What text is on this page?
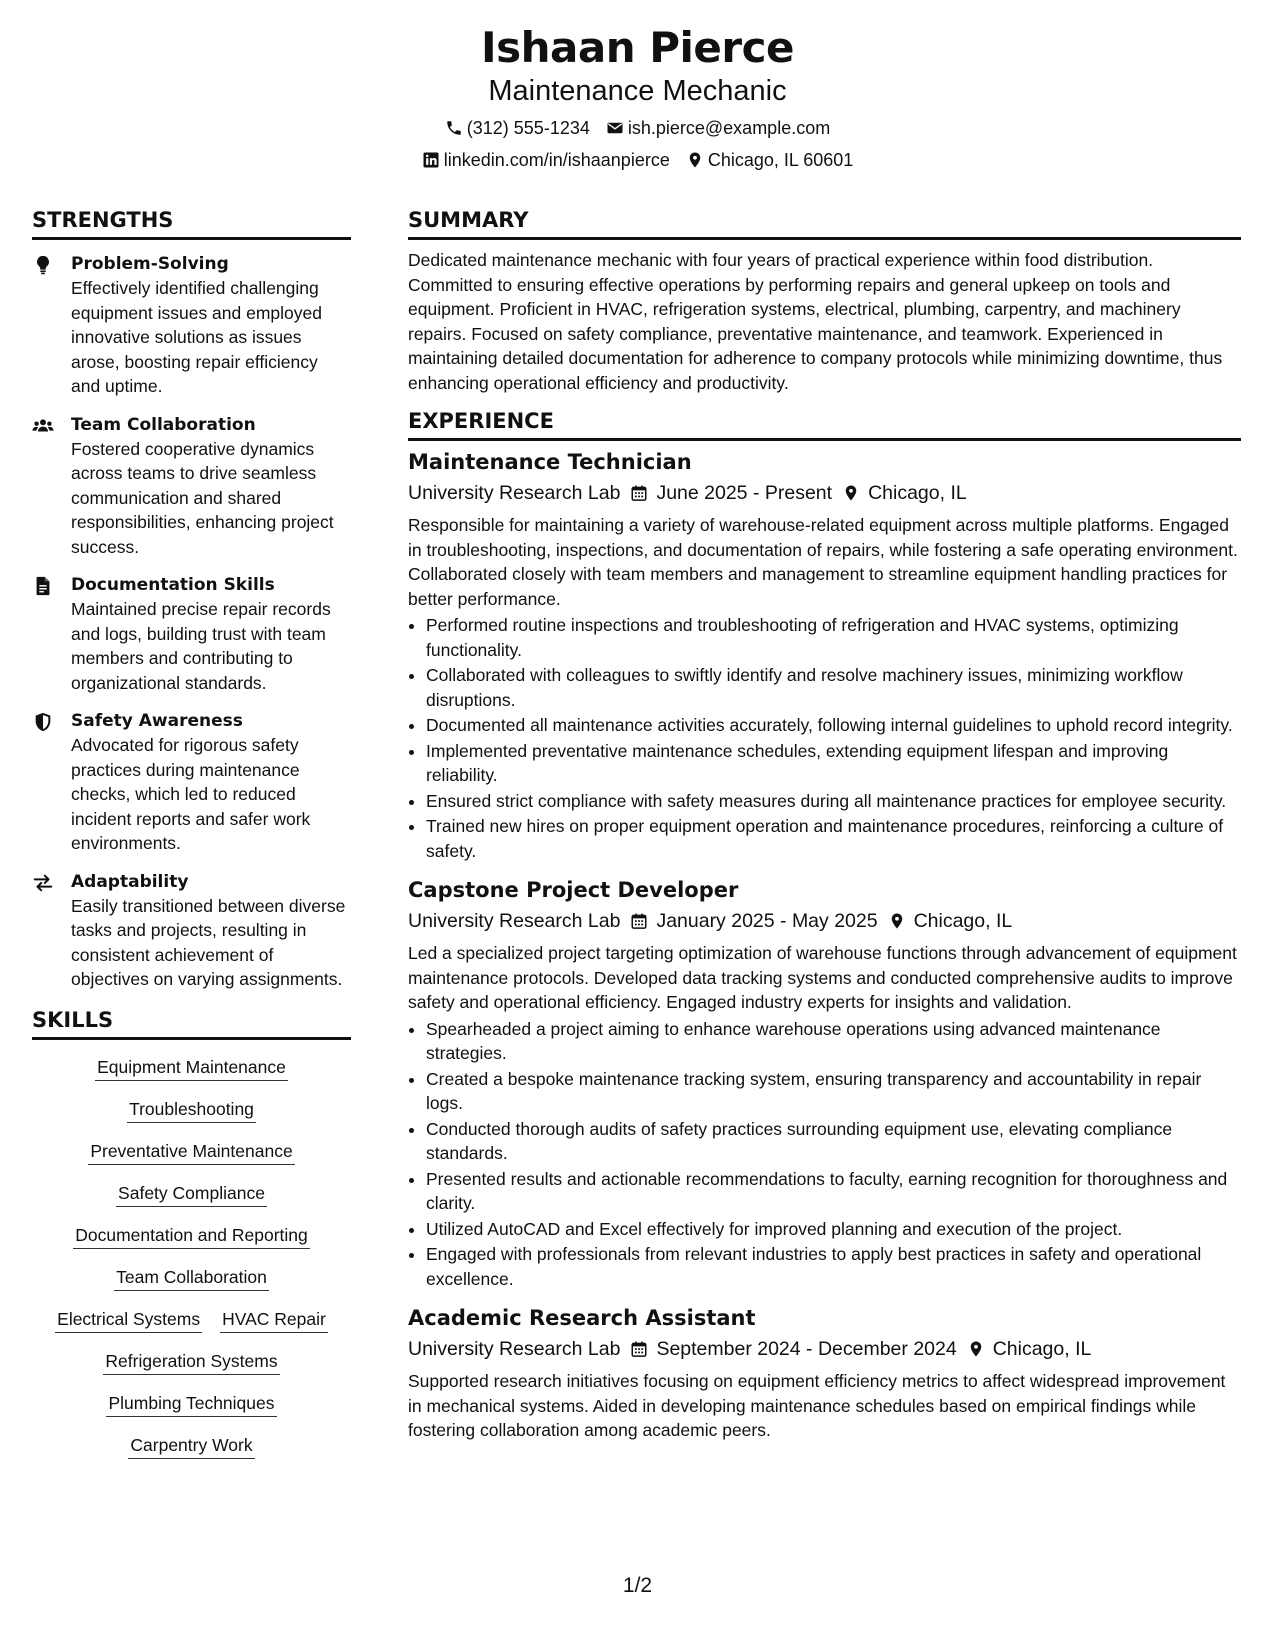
Ishaan Pierce
Maintenance Mechanic
(312) 555-1234 ish.pierce@example.com
linkedin.com/in/ishaanpierce Chicago, IL 60601
STRENGTHS
Problem-Solving
Effectively identified challenging equipment issues and employed innovative solutions as issues arose, boosting repair efficiency and uptime.
Team Collaboration
Fostered cooperative dynamics across teams to drive seamless communication and shared responsibilities, enhancing project success.
Documentation Skills
Maintained precise repair records and logs, building trust with team members and contributing to organizational standards.
Safety Awareness
Advocated for rigorous safety practices during maintenance checks, which led to reduced incident reports and safer work environments.
Adaptability
Easily transitioned between diverse tasks and projects, resulting in consistent achievement of objectives on varying assignments.
SKILLS
Equipment Maintenance
Troubleshooting
Preventative Maintenance
Safety Compliance
Documentation and Reporting
Team Collaboration
Electrical Systems HVAC Repair
Refrigeration Systems
Plumbing Techniques
Carpentry Work
SUMMARY
Dedicated maintenance mechanic with four years of practical experience within food distribution. Committed to ensuring effective operations by performing repairs and general upkeep on tools and equipment. Proficient in HVAC, refrigeration systems, electrical, plumbing, carpentry, and machinery repairs. Focused on safety compliance, preventative maintenance, and teamwork. Experienced in maintaining detailed documentation for adherence to company protocols while minimizing downtime, thus enhancing operational efficiency and productivity.
EXPERIENCE
Maintenance Technician
University Research Lab June 2025 - Present Chicago, IL
Responsible for maintaining a variety of warehouse-related equipment across multiple platforms. Engaged in troubleshooting, inspections, and documentation of repairs, while fostering a safe operating environment. Collaborated closely with team members and management to streamline equipment handling practices for better performance.
• Performed routine inspections and troubleshooting of refrigeration and HVAC systems, optimizing functionality.
• Collaborated with colleagues to swiftly identify and resolve machinery issues, minimizing workflow disruptions.
• Documented all maintenance activities accurately, following internal guidelines to uphold record integrity.
• Implemented preventative maintenance schedules, extending equipment lifespan and improving reliability.
• Ensured strict compliance with safety measures during all maintenance practices for employee security.
• Trained new hires on proper equipment operation and maintenance procedures, reinforcing a culture of safety.
Capstone Project Developer
University Research Lab January 2025 - May 2025 Chicago, IL
Led a specialized project targeting optimization of warehouse functions through advancement of equipment maintenance protocols. Developed data tracking systems and conducted comprehensive audits to improve safety and operational efficiency. Engaged industry experts for insights and validation.
• Spearheaded a project aiming to enhance warehouse operations using advanced maintenance strategies.
• Created a bespoke maintenance tracking system, ensuring transparency and accountability in repair logs.
• Conducted thorough audits of safety practices surrounding equipment use, elevating compliance standards.
• Presented results and actionable recommendations to faculty, earning recognition for thoroughness and clarity.
• Utilized AutoCAD and Excel effectively for improved planning and execution of the project.
• Engaged with professionals from relevant industries to apply best practices in safety and operational excellence.
Academic Research Assistant
University Research Lab September 2024 - December 2024 Chicago, IL
Supported research initiatives focusing on equipment efficiency metrics to affect widespread improvement in mechanical systems. Aided in developing maintenance schedules based on empirical findings while fostering collaboration among academic peers.
1/2
